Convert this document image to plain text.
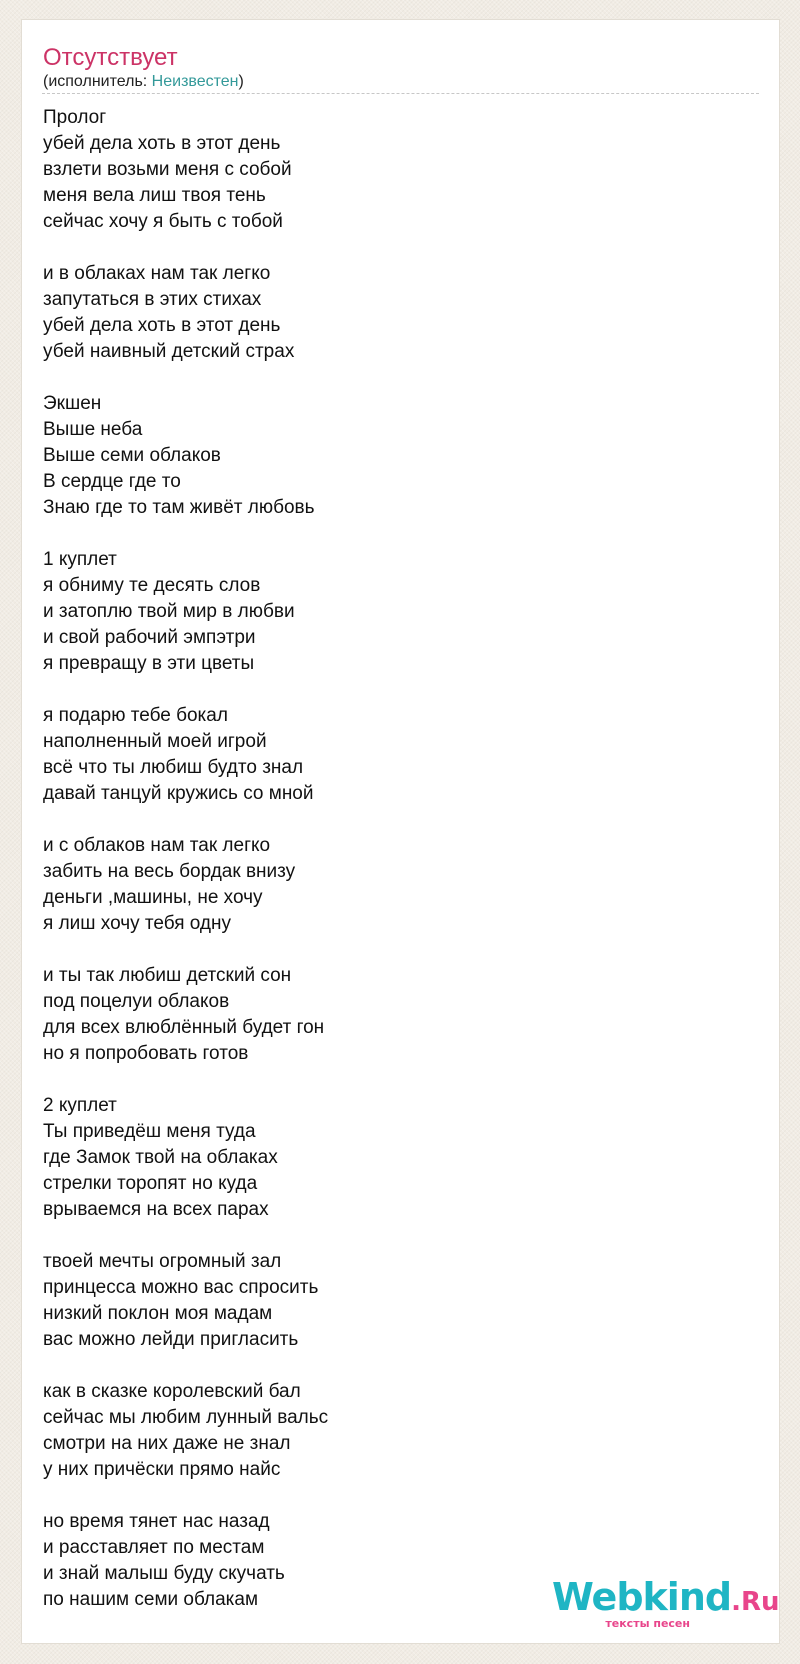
Отсутствует
(исполнитель: Неизвестен)
Пролог
убей дела хоть в этот день
взлети возьми меня с собой
меня вела лиш твоя тень
сейчас хочу я быть с тобой
и в облаках нам так легко
запутаться в этих стихах
убей дела хоть в этот день
убей наивный детский страх
Экшен
Выше неба
Выше семи облаков
В сердце где то
Знаю где то там живёт любовь
1 куплет
я обниму те десять слов
и затоплю твой мир в любви
и свой рабочий эмпэтри
я превращу в эти цветы
я подарю тебе бокал
наполненный моей игрой
всё что ты любиш будто знал
давай танцуй кружись со мной
и с облаков нам так легко
забить на весь бордак внизу
деньги ,машины, не хочу
я лиш хочу тебя одну
и ты так любиш детский сон
под поцелуи облаков
для всех влюблённый будет гон
но я попробовать готов
2 куплет
Ты приведёш меня туда
где Замок твой на облаках
стрелки торопят но куда
врываемся на всех парах
твоей мечты огромный зал
принцесса можно вас спросить
низкий поклон моя мадам
вас можно лейди пригласить
как в сказке королевский бал
сейчас мы любим лунный вальс
смотри на них даже не знал
у них причёски прямо найс
но время тянет нас назад
и расставляет по местам
и знай малыш буду скучать
по нашим семи облакам	Webkind.Ru
тексты песен
